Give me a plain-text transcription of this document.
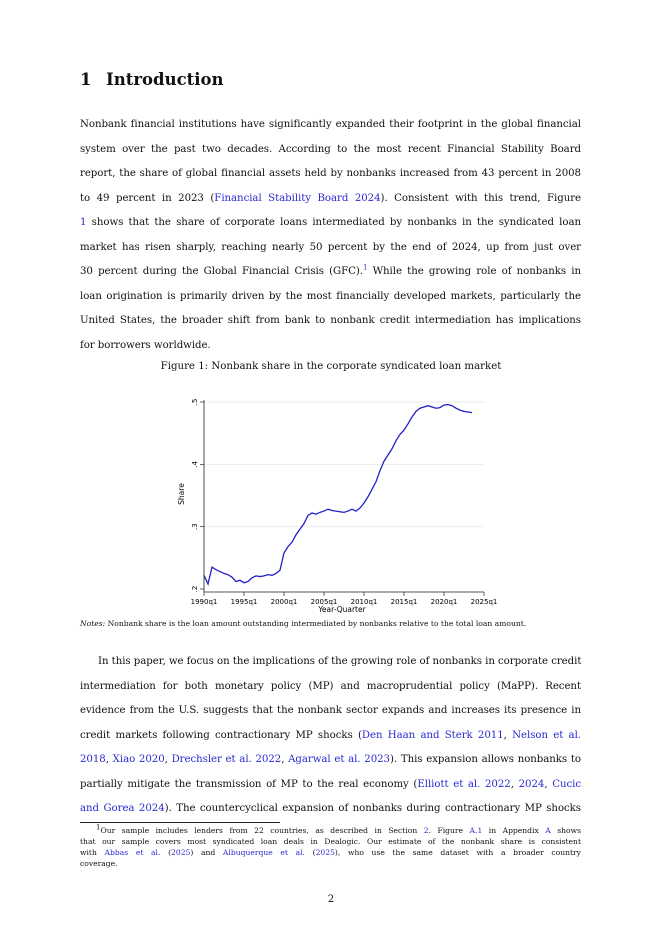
1 Introduction

Nonbank financial institutions have significantly expanded their footprint in the global financial
system over the past two decades. According to the most recent Financial Stability Board
report, the share of global financial assets held by nonbanks increased from 43 percent in 2008
to 49 percent in 2023 (Financial Stability Board 2024). Consistent with this trend, Figure
1 shows that the share of corporate loans intermediated by nonbanks in the syndicated loan
market has risen sharply, reaching nearly 50 percent by the end of 2024, up from just over
30 percent during the Global Financial Crisis (GFC).$^1$ While the growing role of nonbanks in
loan origination is primarily driven by the most financially developed markets, particularly the
United States, the broader shift from bank to nonbank credit intermediation has implications
for borrowers worldwide.

Figure 1: Nonbank share in the corporate syndicated loan market

.2
.3
.4
.5
1990q1 1995q1 2000q1 2005q1 2010q1 2015q1 2020q1 2025q1
Share
Year-Quarter

Notes: Nonbank share is the loan amount outstanding intermediated by nonbanks relative to the total loan amount.

In this paper, we focus on the implications of the growing role of nonbanks in corporate credit
intermediation for both monetary policy (MP) and macroprudential policy (MaPP). Recent
evidence from the U.S. suggests that the nonbank sector expands and increases its presence in
credit markets following contractionary MP shocks (Den Haan and Sterk 2011, Nelson et al.
2018, Xiao 2020, Drechsler et al. 2022, Agarwal et al. 2023). This expansion allows nonbanks to
partially mitigate the transmission of MP to the real economy (Elliott et al. 2022, 2024, Cucic
and Gorea 2024). The countercyclical expansion of nonbanks during contractionary MP shocks

$^1$Our sample includes lenders from 22 countries, as described in Section 2. Figure A.1 in Appendix A shows
that our sample covers most syndicated loan deals in Dealogic. Our estimate of the nonbank share is consistent
with Abbas et al. (2025) and Albuquerque et al. (2025), who use the same dataset with a broader country
coverage.

2
